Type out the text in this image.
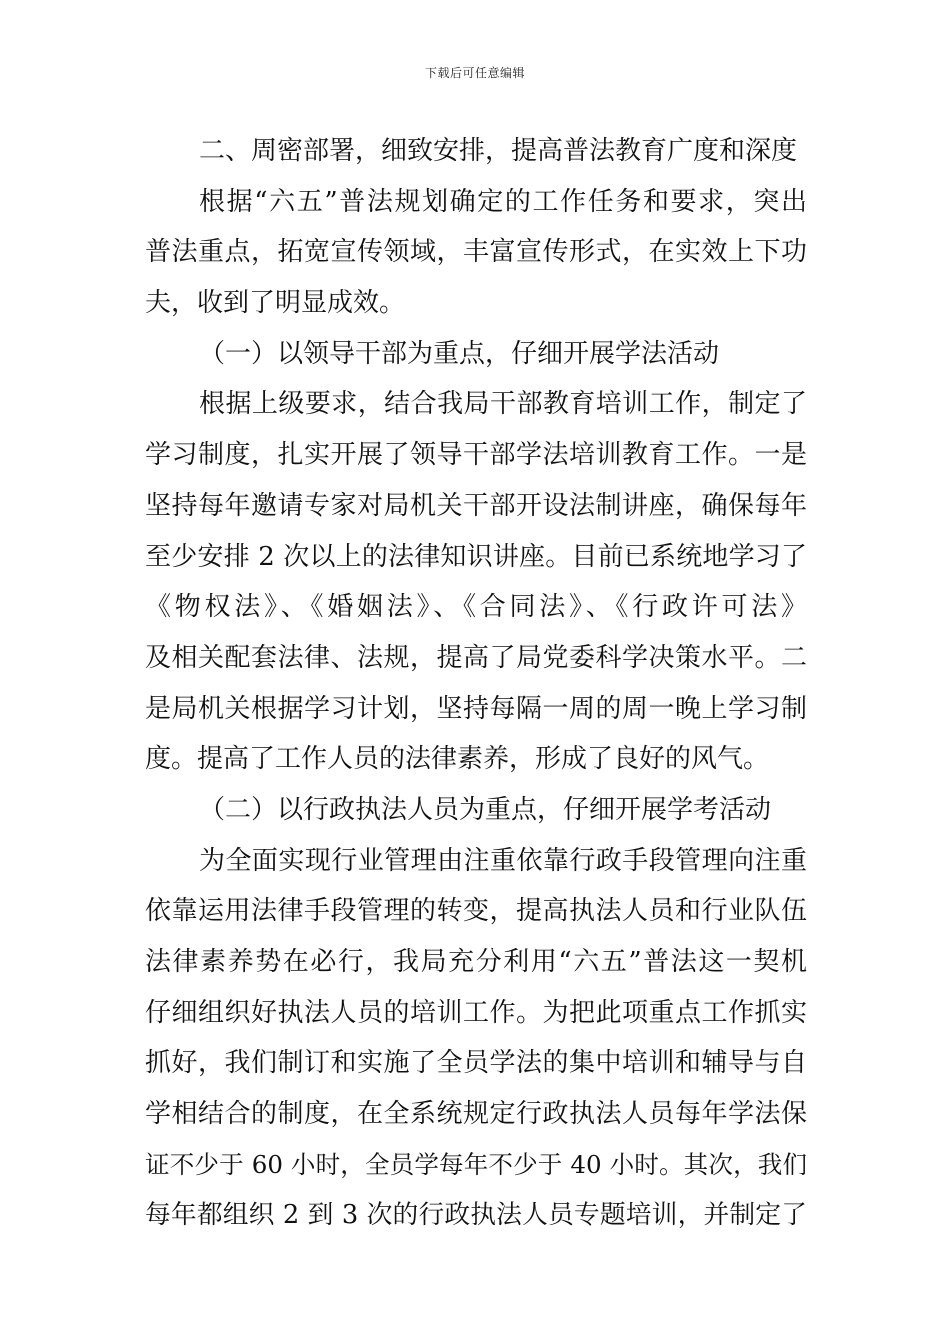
下载后可任意编辑
二、周密部署，细致安排，提高普法教育广度和深度
根据“六五”普法规划确定的工作任务和要求，突出
普法重点，拓宽宣传领域，丰富宣传形式，在实效上下功
夫，收到了明显成效。
（一）以领导干部为重点，仔细开展学法活动
根据上级要求，结合我局干部教育培训工作，制定了
学习制度，扎实开展了领导干部学法培训教育工作。一是
坚持每年邀请专家对局机关干部开设法制讲座，确保每年
至少安排 2 次以上的法律知识讲座。目前已系统地学习了
《物权法》、《婚姻法》、《合同法》、《行政许可法》
及相关配套法律、法规，提高了局党委科学决策水平。二
是局机关根据学习计划，坚持每隔一周的周一晚上学习制
度。提高了工作人员的法律素养，形成了良好的风气。
（二）以行政执法人员为重点，仔细开展学考活动
为全面实现行业管理由注重依靠行政手段管理向注重
依靠运用法律手段管理的转变，提高执法人员和行业队伍
法律素养势在必行，我局充分利用“六五”普法这一契机
仔细组织好执法人员的培训工作。为把此项重点工作抓实
抓好，我们制订和实施了全员学法的集中培训和辅导与自
学相结合的制度，在全系统规定行政执法人员每年学法保
证不少于 60 小时，全员学每年不少于 40 小时。其次，我们
每年都组织 2 到 3 次的行政执法人员专题培训，并制定了
